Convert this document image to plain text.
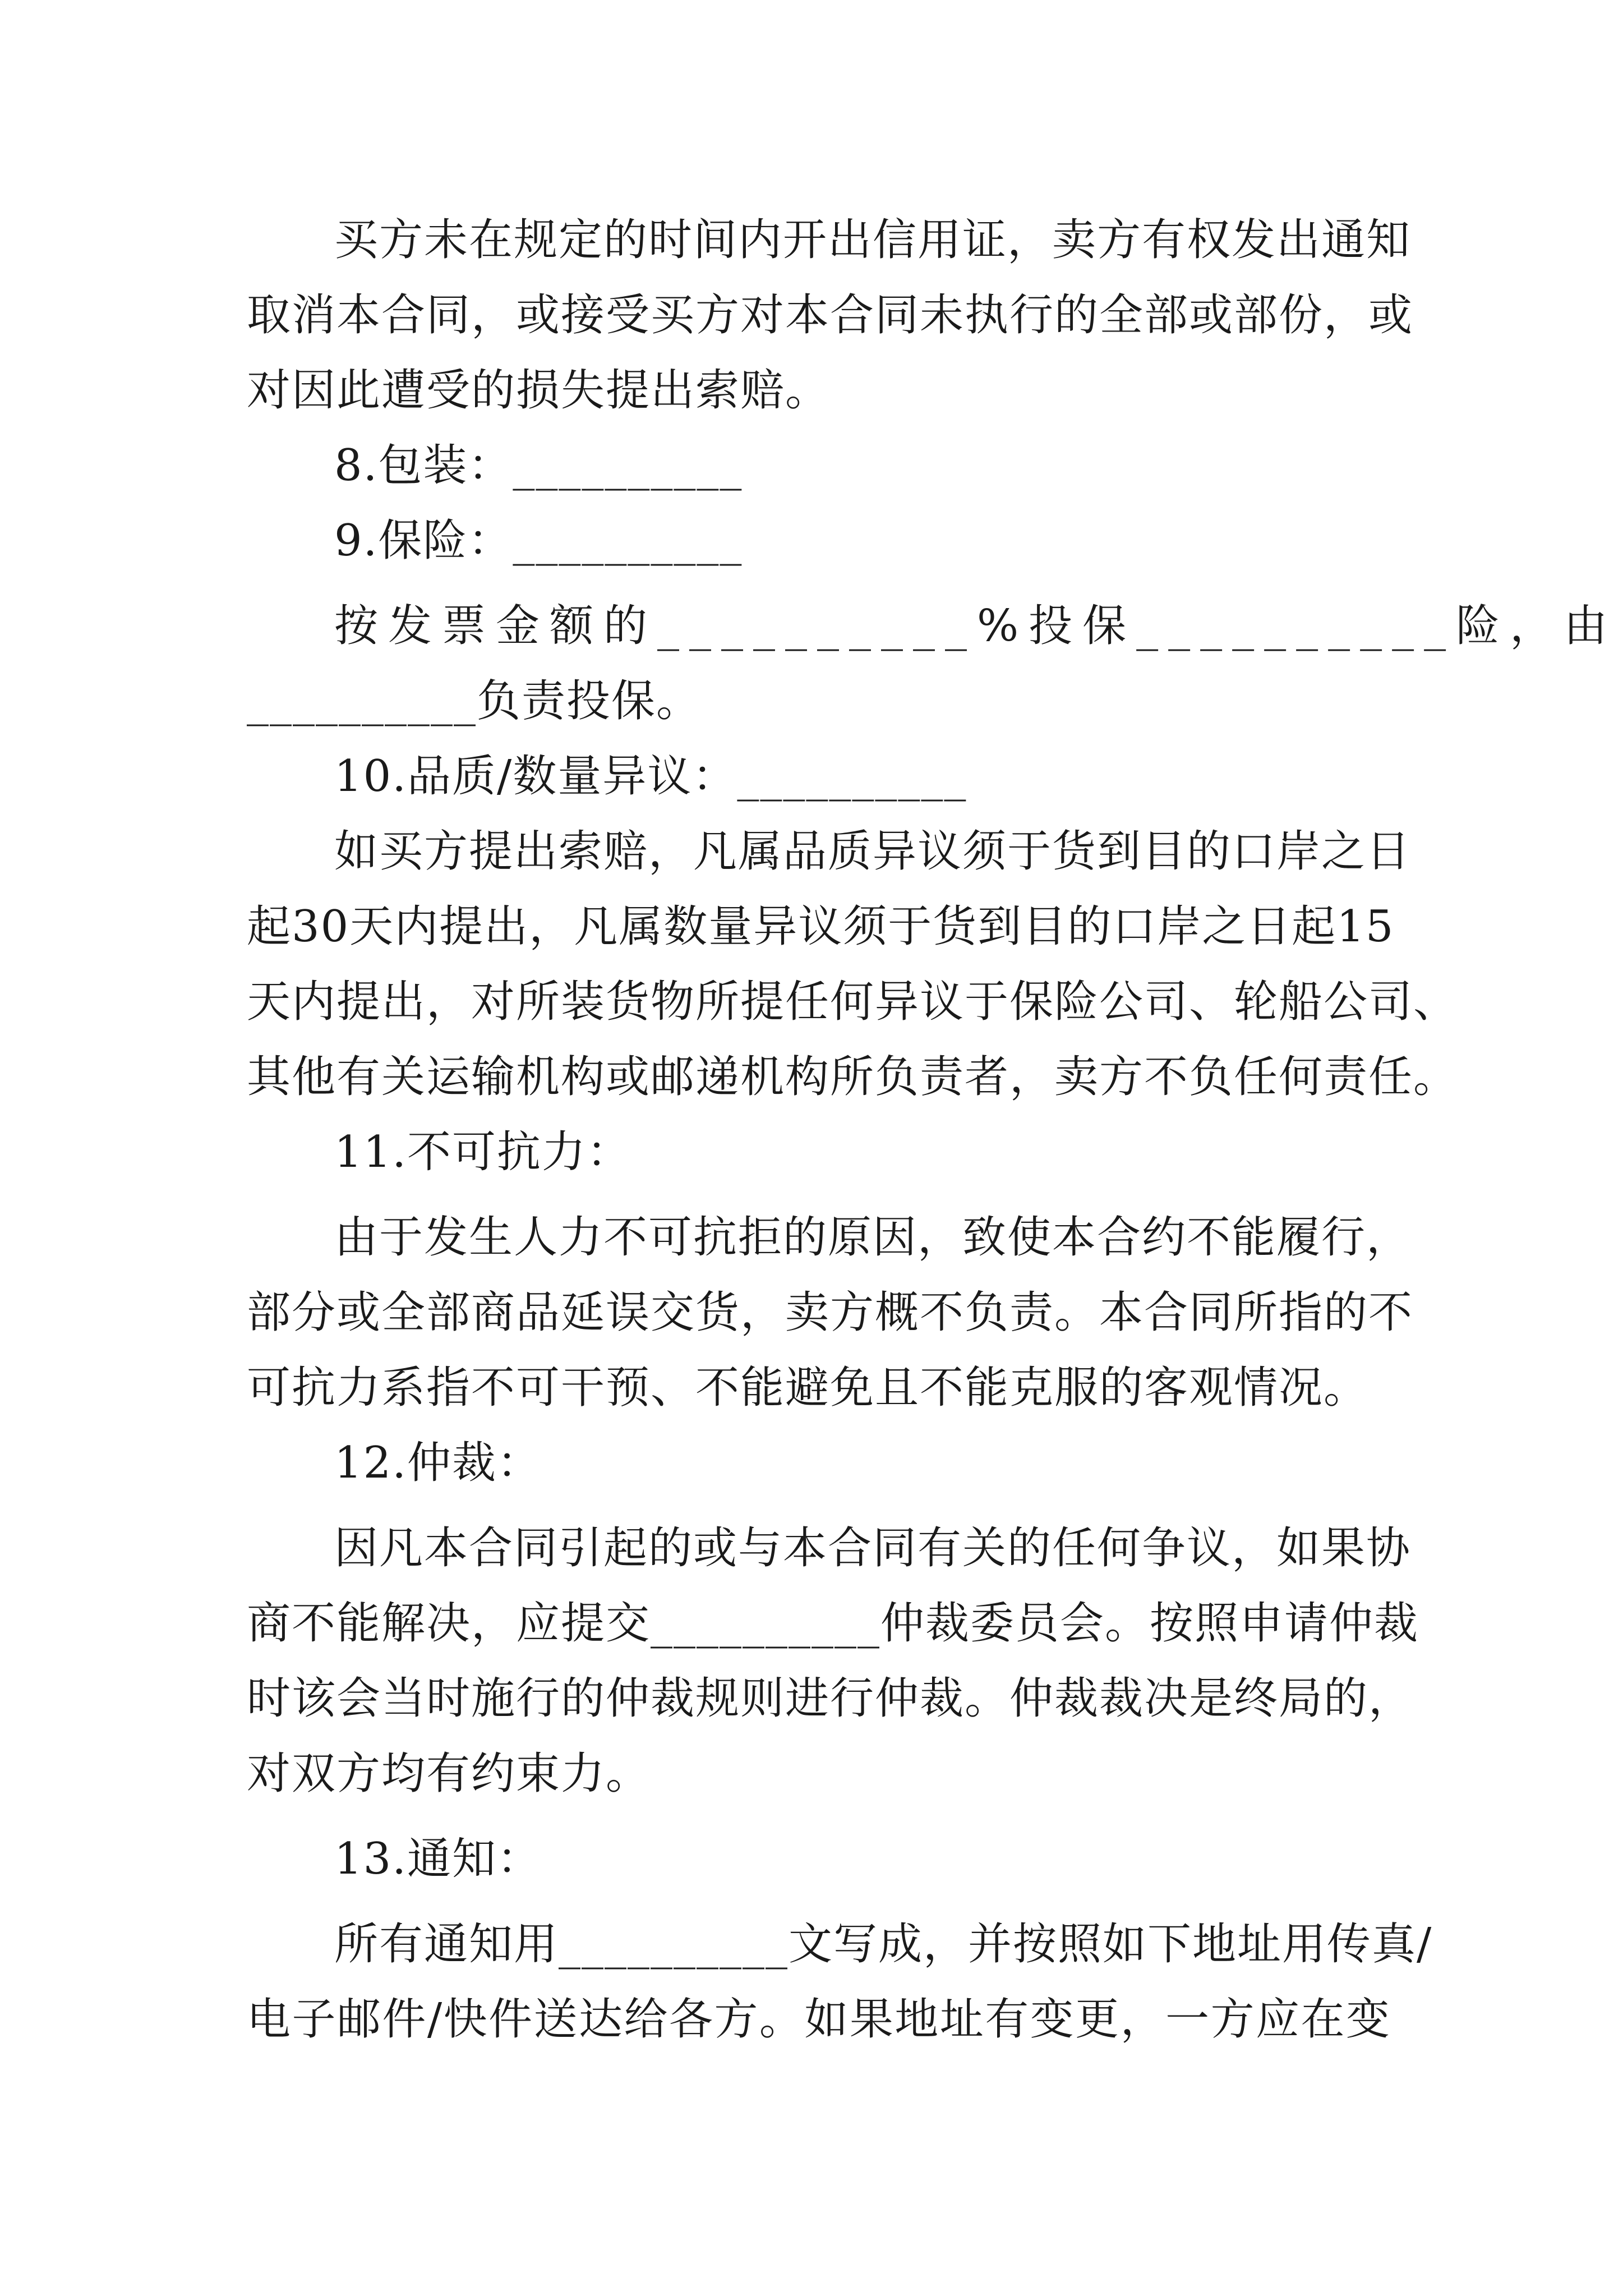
买方未在规定的时间内开出信用证，卖方有权发出通知
取消本合同，或接受买方对本合同未执行的全部或部份，或
对因此遭受的损失提出索赔。
8.包装：__________
9.保险：__________
按发票金额的__________%投保__________险，由
__________负责投保。
10.品质/数量异议：__________
如买方提出索赔，凡属品质异议须于货到目的口岸之日
起30天内提出，凡属数量异议须于货到目的口岸之日起15
天内提出，对所装货物所提任何异议于保险公司、轮船公司、
其他有关运输机构或邮递机构所负责者，卖方不负任何责任。
11.不可抗力：
由于发生人力不可抗拒的原因，致使本合约不能履行，
部分或全部商品延误交货，卖方概不负责。本合同所指的不
可抗力系指不可干预、不能避免且不能克服的客观情况。
12.仲裁：
因凡本合同引起的或与本合同有关的任何争议，如果协
商不能解决，应提交__________仲裁委员会。按照申请仲裁
时该会当时施行的仲裁规则进行仲裁。仲裁裁决是终局的，
对双方均有约束力。
13.通知：
所有通知用__________文写成，并按照如下地址用传真/
电子邮件/快件送达给各方。如果地址有变更，一方应在变
